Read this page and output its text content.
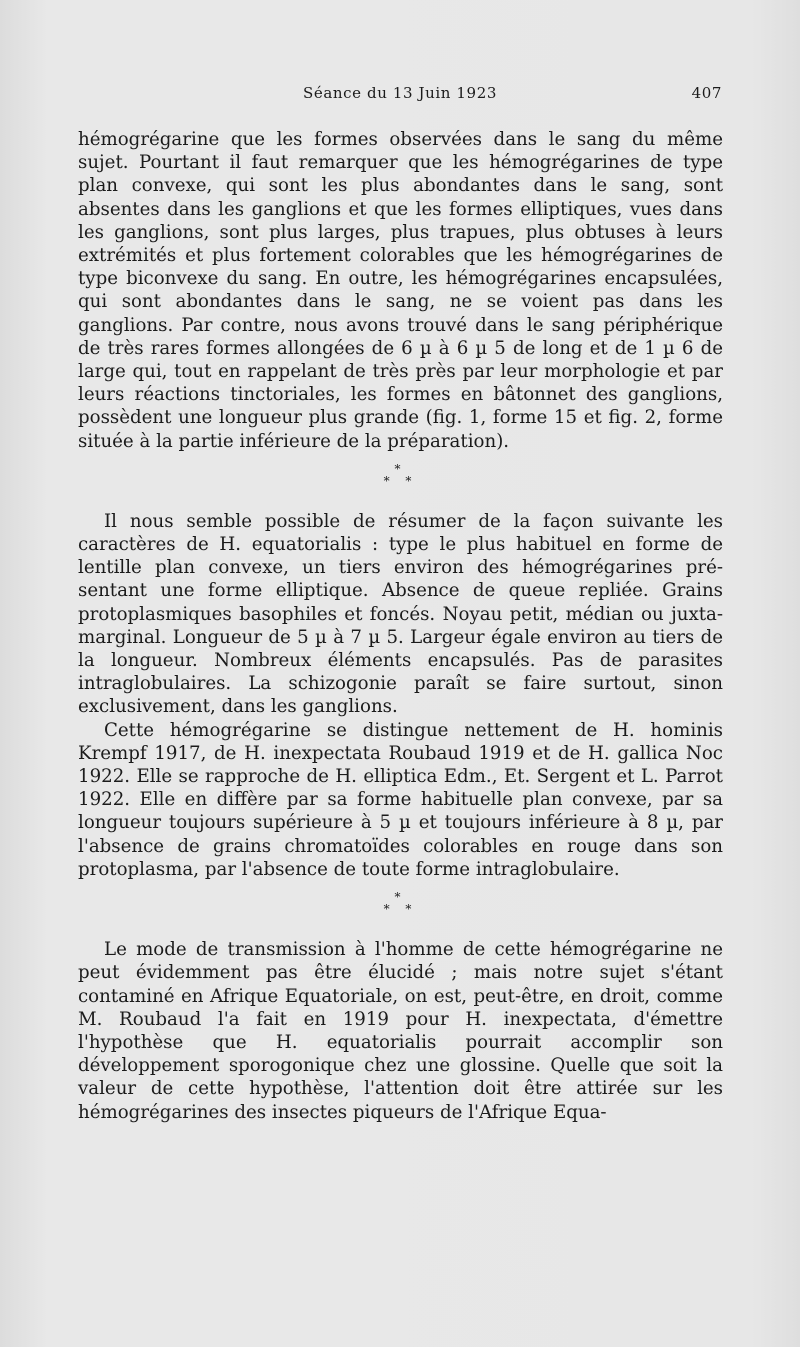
Séance du 13 Juin 1923	407

hémogrégarine que les formes observées dans le sang du même sujet. Pourtant il faut remarquer que les hémogrégarines de type plan convexe, qui sont les plus abondantes dans le sang, sont absentes dans les ganglions et que les formes elliptiques, vues dans les ganglions, sont plus larges, plus trapues, plus obtuses à leurs extrémités et plus fortement colorables que les hémogrégarines de type biconvexe du sang. En outre, les hémogrégarines encapsulées, qui sont abondantes dans le sang, ne se voient pas dans les ganglions. Par contre, nous avons trouvé dans le sang périphérique de très rares formes allongées de 6 µ à 6 µ 5 de long et de 1 µ 6 de large qui, tout en rappelant de très près par leur morphologie et par leurs réactions tinctoriales, les formes en bâtonnet des ganglions, possèdent une longueur plus grande (fig. 1, forme 15 et fig. 2, forme située à la partie inférieure de la préparation).

*
* *

Il nous semble possible de résumer de la façon suivante les caractères de H. equatorialis : type le plus habituel en forme de lentille plan convexe, un tiers environ des hémogrégarines présentant une forme elliptique. Absence de queue repliée. Grains protoplasmiques basophiles et foncés. Noyau petit, médian ou juxta-marginal. Longueur de 5 µ à 7 µ 5. Largeur égale environ au tiers de la longueur. Nombreux éléments encapsulés. Pas de parasites intraglobulaires. La schizogonie paraît se faire surtout, sinon exclusivement, dans les ganglions.

Cette hémogrégarine se distingue nettement de H. hominis Krempf 1917, de H. inexpectata Roubaud 1919 et de H. gallica Noc 1922. Elle se rapproche de H. elliptica Edm., Et. Sergent et L. Parrot 1922. Elle en diffère par sa forme habituelle plan convexe, par sa longueur toujours supérieure à 5 µ et toujours inférieure à 8 µ, par l'absence de grains chromatoïdes colorables en rouge dans son protoplasma, par l'absence de toute forme intraglobulaire.

*
* *

Le mode de transmission à l'homme de cette hémogrégarine ne peut évidemment pas être élucidé ; mais notre sujet s'étant contaminé en Afrique Equatoriale, on est, peut-être, en droit, comme M. Roubaud l'a fait en 1919 pour H. inexpectata, d'émettre l'hypothèse que H. equatorialis pourrait accomplir son développement sporogonique chez une glossine. Quelle que soit la valeur de cette hypothèse, l'attention doit être attirée sur les hémogrégarines des insectes piqueurs de l'Afrique Equa-
